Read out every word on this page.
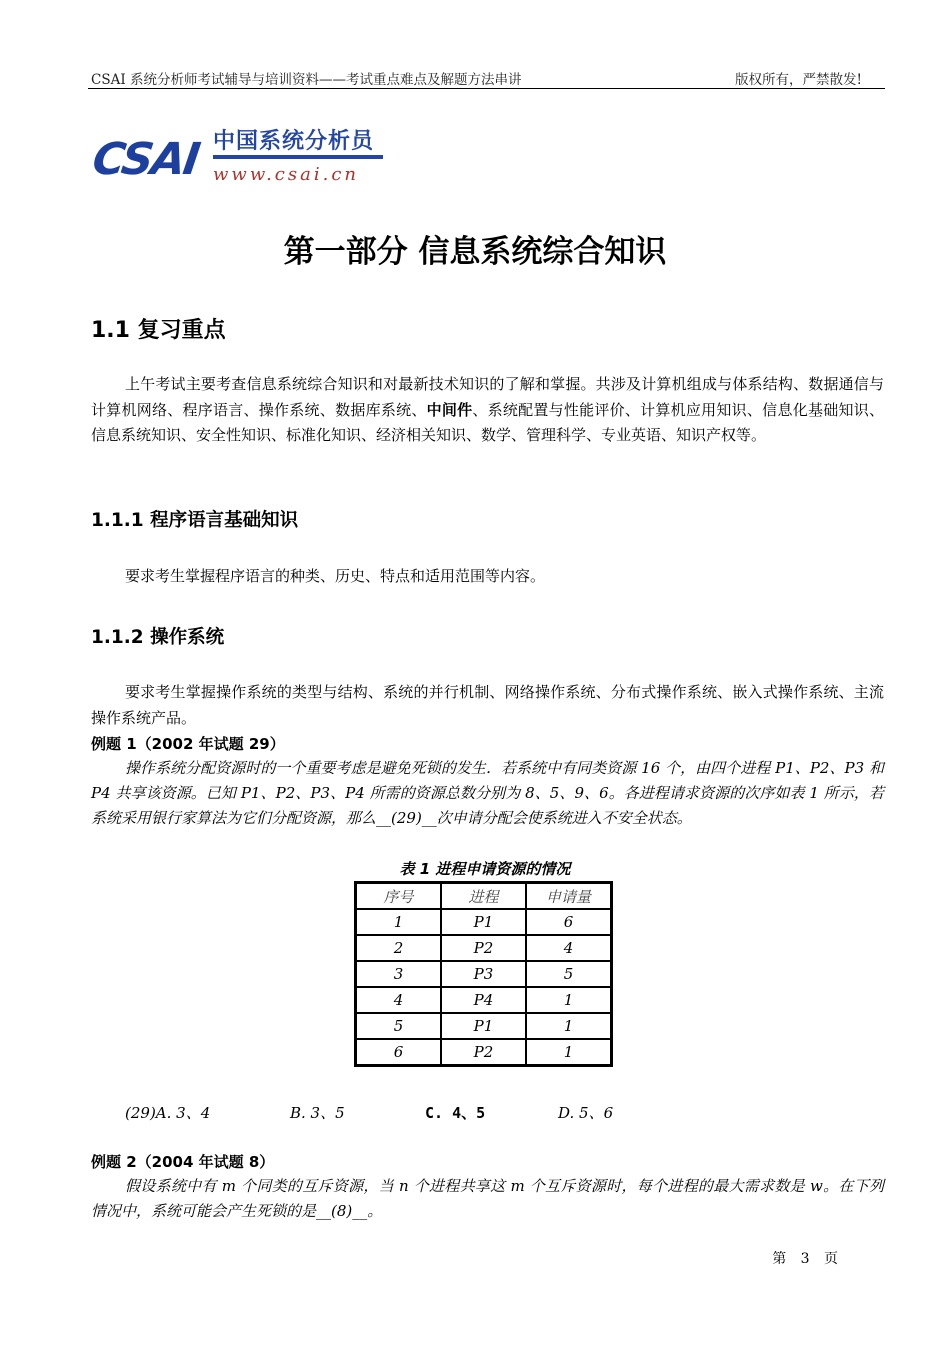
CSAI 系统分析师考试辅导与培训资料——考试重点难点及解题方法串讲	版权所有，严禁散发!
CSAI 中国系统分析员
www.csai.cn
第一部分 信息系统综合知识
1.1 复习重点
上午考试主要考查信息系统综合知识和对最新技术知识的了解和掌握。共涉及计算机组成与体系结构、数据通信与计算机网络、程序语言、操作系统、数据库系统、中间件、系统配置与性能评价、计算机应用知识、信息化基础知识、信息系统知识、安全性知识、标准化知识、经济相关知识、数学、管理科学、专业英语、知识产权等。
1.1.1 程序语言基础知识
要求考生掌握程序语言的种类、历史、特点和适用范围等内容。
1.1.2 操作系统
要求考生掌握操作系统的类型与结构、系统的并行机制、网络操作系统、分布式操作系统、嵌入式操作系统、主流操作系统产品。
例题 1（2002 年试题 29）
操作系统分配资源时的一个重要考虑是避免死锁的发生．若系统中有同类资源 16 个，由四个进程 P1、P2、P3 和 P4 共享该资源。已知 P1、P2、P3、P4 所需的资源总数分别为 8、5、9、6。各进程请求资源的次序如表 1 所示，若系统采用银行家算法为它们分配资源，那么__(29)__次申请分配会使系统进入不安全状态。
表 1 进程申请资源的情况
序号	进程	申请量
1	P1	6
2	P2	4
3	P3	5
4	P4	1
5	P1	1
6	P2	1
(29)A. 3、4	B. 3、5	C. 4、5	D. 5、6
例题 2（2004 年试题 8）
假设系统中有 m 个同类的互斥资源，当 n 个进程共享这 m 个互斥资源时，每个进程的最大需求数是 w。在下列情况中，系统可能会产生死锁的是__(8)__。
第 3 页
